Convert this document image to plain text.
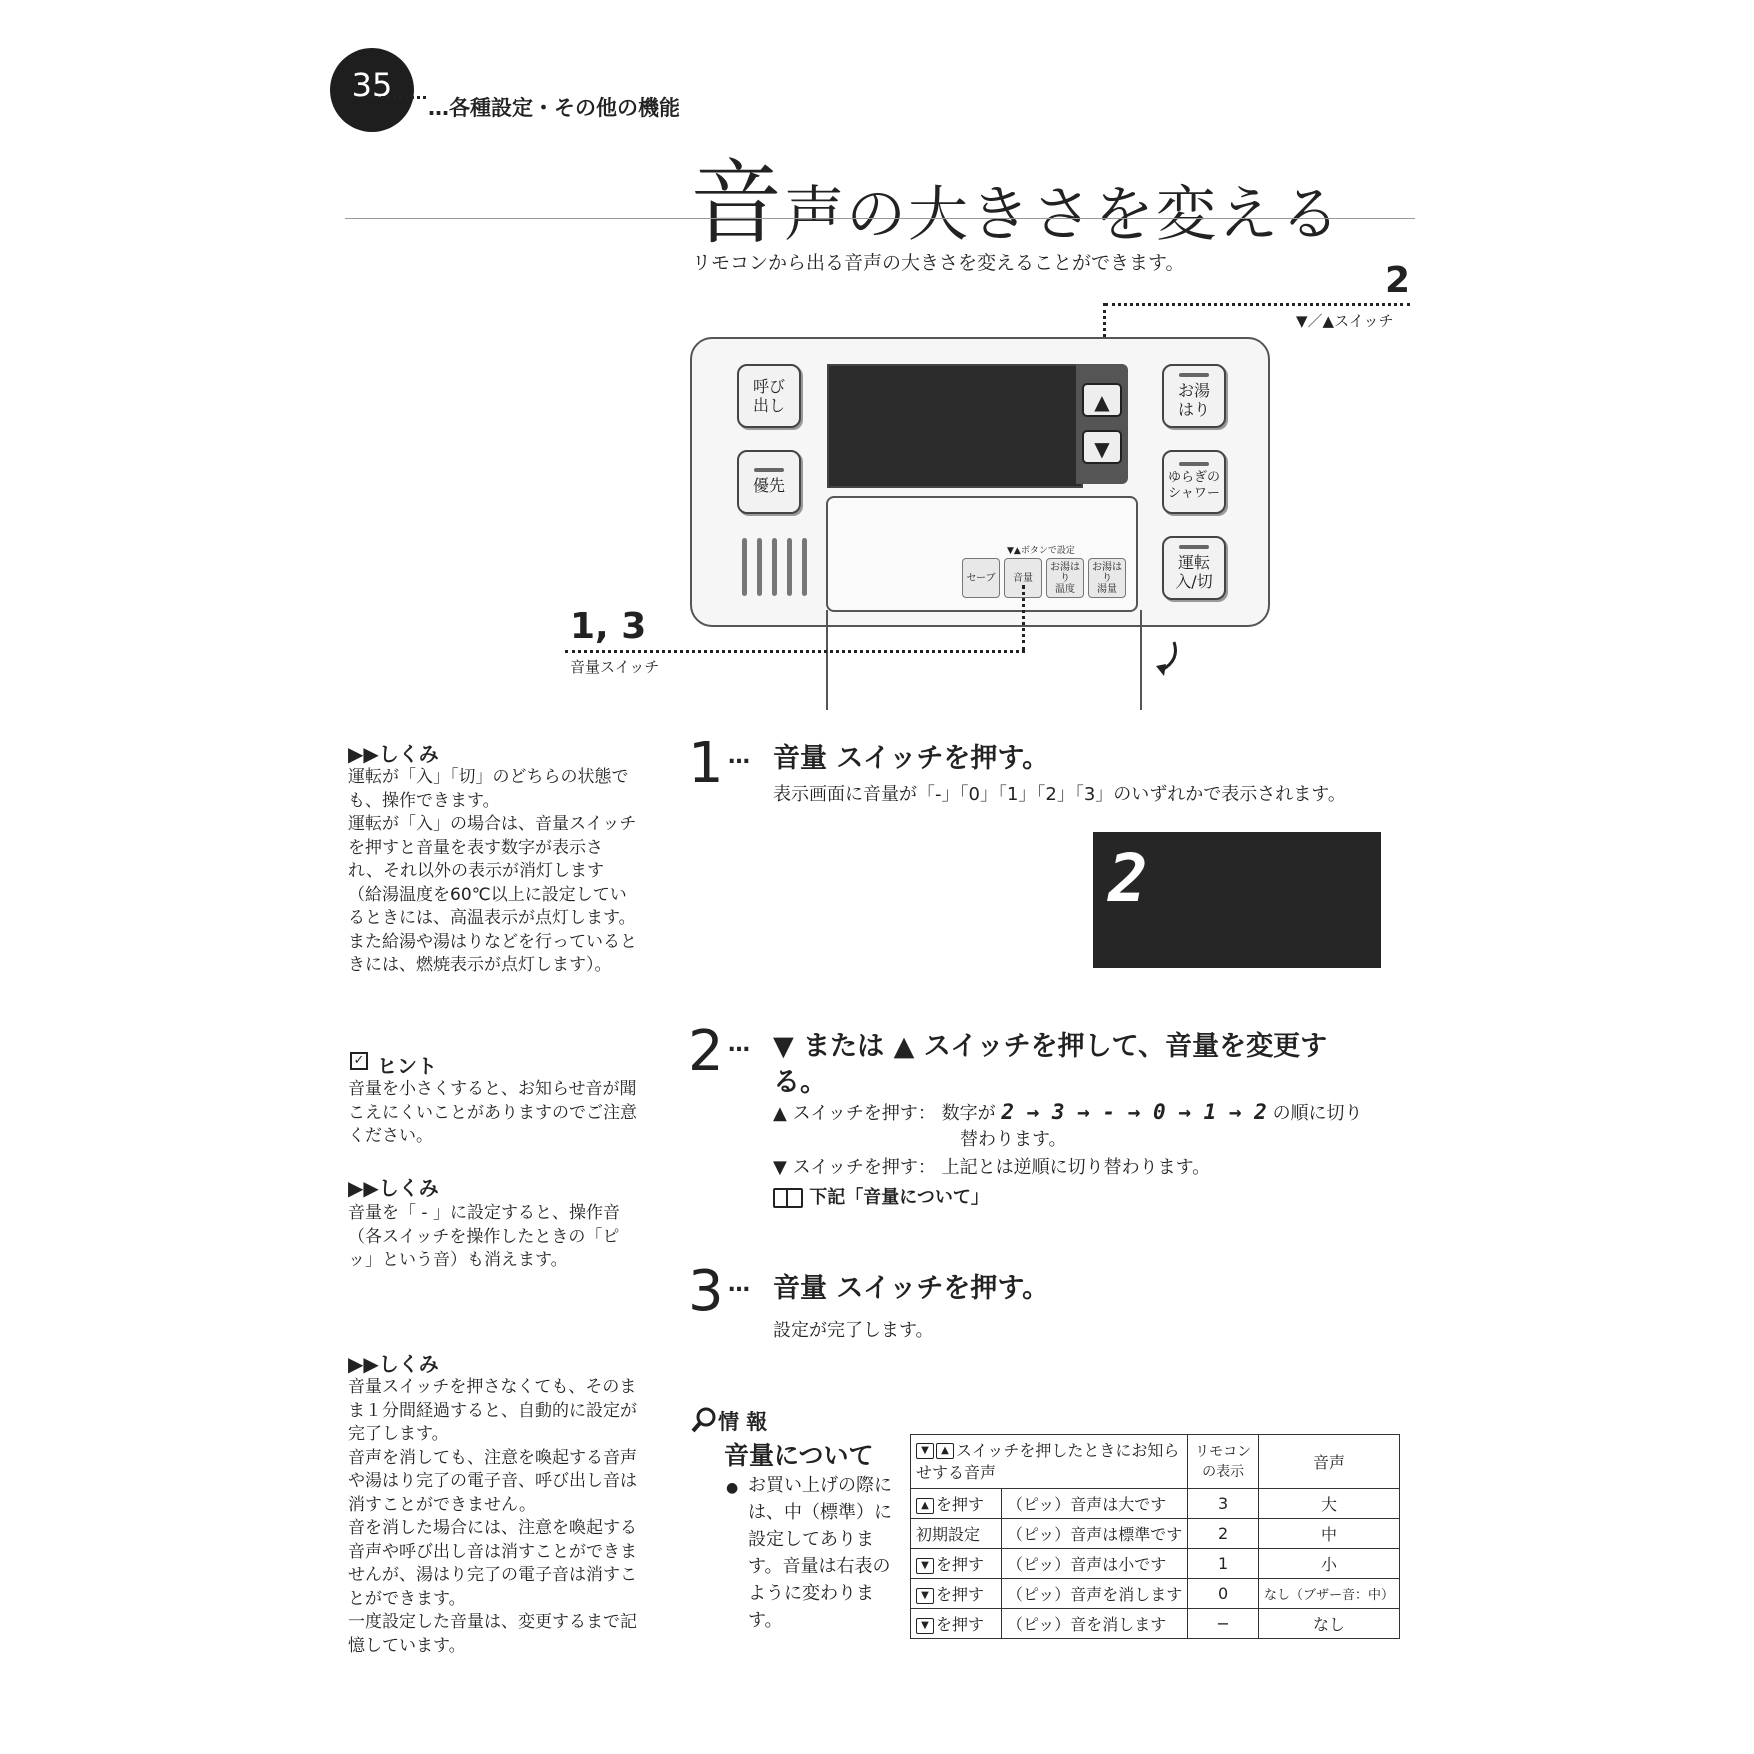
35
…各種設定・その他の機能
音声の大きさを変える
リモコンから出る音声の大きさを変えることができます。	2
▼／▲スイッチ
▲
▼
呼び
出し
優先
お湯
はり
ゆらぎの
シャワー
運転
入/切
▼▲ボタンで設定
セーブ	音量
お湯はり
温度
お湯はり
湯量
1, 3
音量スイッチ
▶▶しくみ
運転が「入」「切」のどちらの状態でも、操作できます。
運転が「入」の場合は、音量スイッチを押すと音量を表す数字が表示され、それ以外の表示が消灯します（給湯温度を60℃以上に設定しているときには、高温表示が点灯します。また給湯や湯はりなどを行っているときには、燃焼表示が点灯します）。
✓ ヒント
音量を小さくすると、お知らせ音が聞こえにくいことがありますのでご注意ください。
▶▶しくみ
音量を「 - 」に設定すると、操作音（各スイッチを操作したときの「ピッ」という音）も消えます。
▶▶しくみ
音量スイッチを押さなくても、そのまま１分間経過すると、自動的に設定が完了します。
音声を消しても、注意を喚起する音声や湯はり完了の電子音、呼び出し音は消すことができません。
音を消した場合には、注意を喚起する音声や呼び出し音は消すことができませんが、湯はり完了の電子音は消すことができます。
一度設定した音量は、変更するまで記憶しています。
1 … 音量 スイッチを押す。
表示画面に音量が「-」「0」「1」「2」「3」のいずれかで表示されます。
2
2 … ▼ または ▲ スイッチを押して、音量を変更す
る。
▲ スイッチを押す： 数字が 2 → 3 → - → 0 → 1 → 2 の順に切り
替わります。
▼ スイッチを押す： 上記とは逆順に切り替わります。
下記「音量について」
3 … 音量 スイッチを押す。
設定が完了します。
情 報
音量について
● お買い上げの際には、中（標準）に設定してあります。音量は右表のように変わります。
▼ ▲ スイッチを押したときにお知らせする音声		リモコンの表示	音声
▲ を押す	（ピッ）音声は大です	3	大
初期設定	（ピッ）音声は標準です	2	中
▼ を押す	（ピッ）音声は小です	1	小
▼ を押す	（ピッ）音声を消します	0	なし（ブザー音：中）
▼ を押す	（ピッ）音を消します	−	なし
